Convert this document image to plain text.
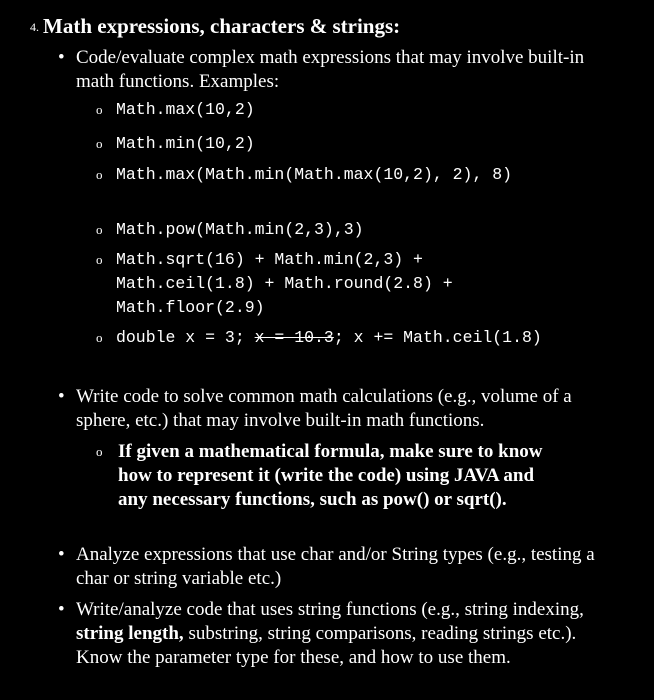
4. Math expressions, characters & strings:
• Code/evaluate complex math expressions that may involve built-in math functions. Examples:
o Math.max(10,2)
o Math.min(10,2)
o Math.max(Math.min(Math.max(10,2), 2), 8)
o Math.pow(Math.min(2,3),3)
o Math.sqrt(16) + Math.min(2,3) + Math.ceil(1.8) + Math.round(2.8) + Math.floor(2.9)
o double x = 3; x = 10.3; x += Math.ceil(1.8)
• Write code to solve common math calculations (e.g., volume of a sphere, etc.) that may involve built-in math functions.
o If given a mathematical formula, make sure to know how to represent it (write the code) using JAVA and any necessary functions, such as pow() or sqrt().
• Analyze expressions that use char and/or String types (e.g., testing a char or string variable etc.)
• Write/analyze code that uses string functions (e.g., string indexing, string length, substring, string comparisons, reading strings etc.). Know the parameter type for these, and how to use them.
